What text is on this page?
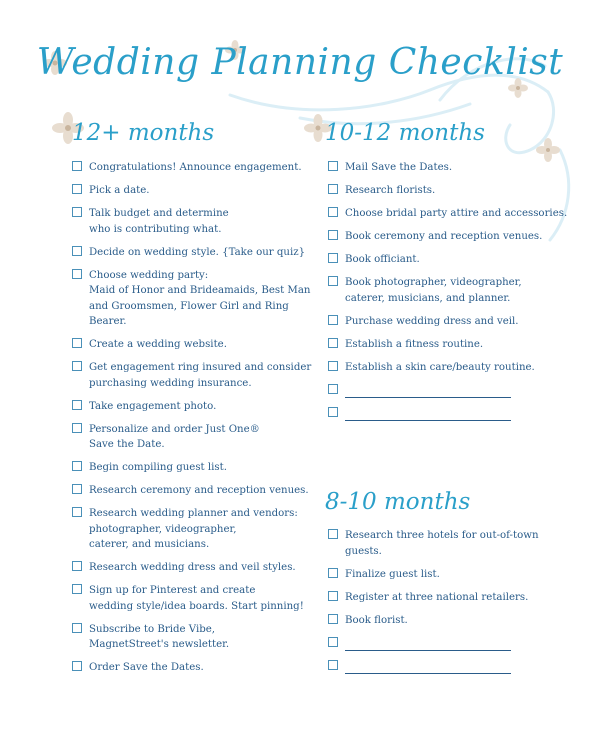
Wedding Planning Checklist
12+ months
Congratulations! Announce engagement.
Pick a date.
Talk budget and determine
who is contributing what.
Decide on wedding style. {Take our quiz}
Choose wedding party:
Maid of Honor and Brideamaids, Best Man
and Groomsmen, Flower Girl and Ring Bearer.
Create a wedding website.
Get engagement ring insured and consider
purchasing wedding insurance.
Take engagement photo.
Personalize and order Just One®
Save the Date.
Begin compiling guest list.
Research ceremony and reception venues.
Research wedding planner and vendors:
photographer, videographer,
caterer, and musicians.
Research wedding dress and veil styles.
Sign up for Pinterest and create
wedding style/idea boards. Start pinning!
Subscribe to Bride Vibe,
MagnetStreet's newsletter.
Order Save the Dates.
10-12 months
Mail Save the Dates.
Research florists.
Choose bridal party attire and accessories.
Book ceremony and reception venues.
Book officiant.
Book photographer, videographer,
caterer, musicians, and planner.
Purchase wedding dress and veil.
Establish a fitness routine.
Establish a skin care/beauty routine.
8-10 months
Research three hotels for out-of-town guests.
Finalize guest list.
Register at three national retailers.
Book florist.
